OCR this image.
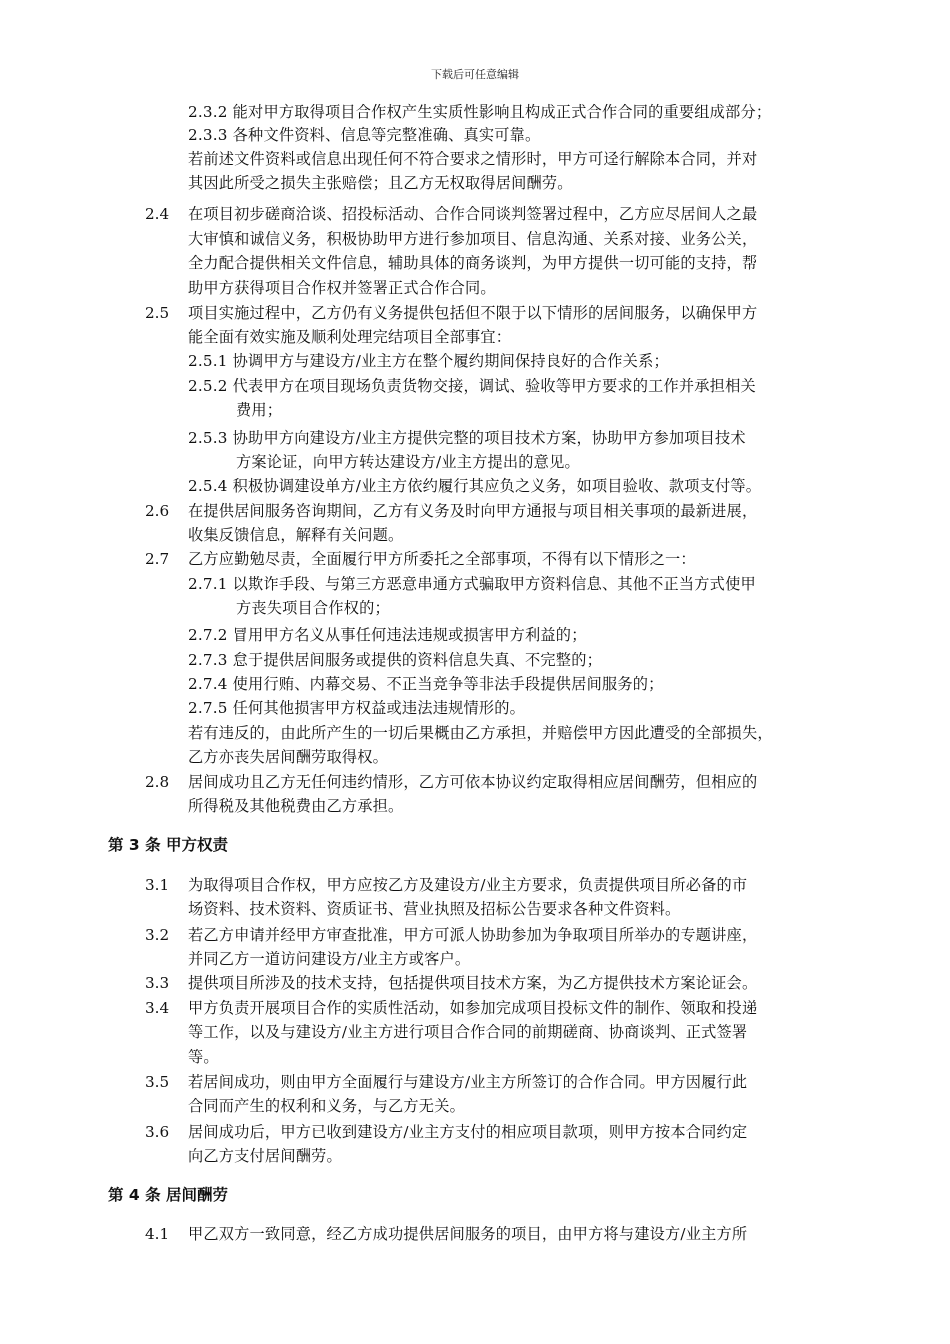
下载后可任意编辑
2.3.2 能对甲方取得项目合作权产生实质性影响且构成正式合作合同的重要组成部分；
2.3.3 各种文件资料、信息等完整准确、真实可靠。
若前述文件资料或信息出现任何不符合要求之情形时，甲方可迳行解除本合同，并对
其因此所受之损失主张赔偿；且乙方无权取得居间酬劳。
2.4 在项目初步磋商洽谈、招投标活动、合作合同谈判签署过程中，乙方应尽居间人之最
大审慎和诚信义务，积极协助甲方进行参加项目、信息沟通、关系对接、业务公关，
全力配合提供相关文件信息，辅助具体的商务谈判，为甲方提供一切可能的支持，帮
助甲方获得项目合作权并签署正式合作合同。
2.5 项目实施过程中，乙方仍有义务提供包括但不限于以下情形的居间服务，以确保甲方
能全面有效实施及顺利处理完结项目全部事宜：
2.5.1 协调甲方与建设方/业主方在整个履约期间保持良好的合作关系；
2.5.2 代表甲方在项目现场负责货物交接，调试、验收等甲方要求的工作并承担相关
费用；
2.5.3 协助甲方向建设方/业主方提供完整的项目技术方案，协助甲方参加项目技术
方案论证，向甲方转达建设方/业主方提出的意见。
2.5.4 积极协调建设单方/业主方依约履行其应负之义务，如项目验收、款项支付等。
2.6 在提供居间服务咨询期间，乙方有义务及时向甲方通报与项目相关事项的最新进展，
收集反馈信息，解释有关问题。
2.7 乙方应勤勉尽责，全面履行甲方所委托之全部事项，不得有以下情形之一：
2.7.1 以欺诈手段、与第三方恶意串通方式骗取甲方资料信息、其他不正当方式使甲
方丧失项目合作权的；
2.7.2 冒用甲方名义从事任何违法违规或损害甲方利益的；
2.7.3 怠于提供居间服务或提供的资料信息失真、不完整的；
2.7.4 使用行贿、内幕交易、不正当竞争等非法手段提供居间服务的；
2.7.5 任何其他损害甲方权益或违法违规情形的。
若有违反的，由此所产生的一切后果概由乙方承担，并赔偿甲方因此遭受的全部损失，
乙方亦丧失居间酬劳取得权。
2.8 居间成功且乙方无任何违约情形，乙方可依本协议约定取得相应居间酬劳，但相应的
所得税及其他税费由乙方承担。
第 3 条 甲方权责
3.1 为取得项目合作权，甲方应按乙方及建设方/业主方要求，负责提供项目所必备的市
场资料、技术资料、资质证书、营业执照及招标公告要求各种文件资料。
3.2 若乙方申请并经甲方审查批准，甲方可派人协助参加为争取项目所举办的专题讲座，
并同乙方一道访问建设方/业主方或客户。
3.3 提供项目所涉及的技术支持，包括提供项目技术方案，为乙方提供技术方案论证会。
3.4 甲方负责开展项目合作的实质性活动，如参加完成项目投标文件的制作、领取和投递
等工作，以及与建设方/业主方进行项目合作合同的前期磋商、协商谈判、正式签署
等。
3.5 若居间成功，则由甲方全面履行与建设方/业主方所签订的合作合同。甲方因履行此
合同而产生的权利和义务，与乙方无关。
3.6 居间成功后，甲方已收到建设方/业主方支付的相应项目款项，则甲方按本合同约定
向乙方支付居间酬劳。
第 4 条 居间酬劳
4.1 甲乙双方一致同意，经乙方成功提供居间服务的项目，由甲方将与建设方/业主方所
